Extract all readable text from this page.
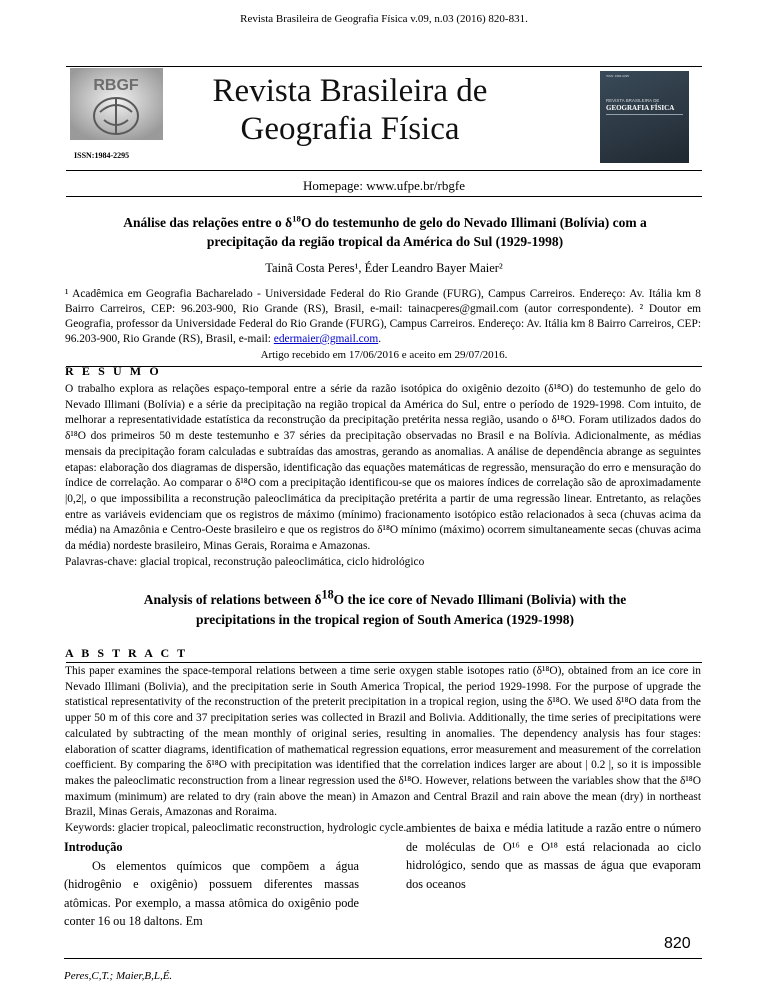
Revista Brasileira de Geografia Física v.09, n.03 (2016) 820-831.
RBGF
ISSN:1984-2295
Revista Brasileira de
Geografia Física
ISSN: 1984-2295
REVISTA BRASILEIRA DE
GEOGRAFIA FÍSICA
Homepage: www.ufpe.br/rbgfe
Análise das relações entre o $\delta^{18}O$ do testemunho de gelo do Nevado Illimani (Bolívia) com a
precipitação da região tropical da América do Sul (1929-1998)
Tainã Costa Peres¹, Éder Leandro Bayer Maier²
¹ Acadêmica em Geografia Bacharelado - Universidade Federal do Rio Grande (FURG), Campus Carreiros. Endereço: Av. Itália km 8 Bairro Carreiros, CEP: 96.203-900, Rio Grande (RS), Brasil, e-mail: tainacperes@gmail.com (autor correspondente). ² Doutor em Geografia, professor da Universidade Federal do Rio Grande (FURG), Campus Carreiros. Endereço: Av. Itália km 8 Bairro Carreiros, CEP: 96.203-900, Rio Grande (RS), Brasil, e-mail: edermaier@gmail.com.
Artigo recebido em 17/06/2016 e aceito em 29/07/2016.
R E S U M O

O trabalho explora as relações espaço-temporal entre a série da razão isotópica do oxigênio dezoito (δ¹⁸O) do testemunho de gelo do Nevado Illimani (Bolívia) e a série da precipitação na região tropical da América do Sul, entre o período de 1929-1998. Com intuito, de melhorar a representatividade estatística da reconstrução da precipitação pretérita nessa região, usando o δ¹⁸O. Foram utilizados dados do δ¹⁸O dos primeiros 50 m deste testemunho e 37 séries da precipitação observadas no Brasil e na Bolívia. Adicionalmente, as médias mensais da precipitação foram calculadas e subtraídas das amostras, gerando as anomalias. A análise de dependência abrange as seguintes etapas: elaboração dos diagramas de dispersão, identificação das equações matemáticas de regressão, mensuração do erro e mensuração do índice de correlação. Ao comparar o δ¹⁸O com a precipitação identificou-se que os maiores índices de correlação são de aproximadamente |0,2|, o que impossibilita a reconstrução paleoclimática da precipitação pretérita a partir de uma regressão linear. Entretanto, as relações entre as variáveis evidenciam que os registros de máximo (mínimo) fracionamento isotópico estão relacionados à seca (chuvas acima da média) na Amazônia e Centro-Oeste brasileiro e que os registros do δ¹⁸O mínimo (máximo) ocorrem simultaneamente secas (chuvas acima da média) nordeste brasileiro, Minas Gerais, Roraima e Amazonas.

Palavras-chave: glacial tropical, reconstrução paleoclimática, ciclo hidrológico

Analysis of relations between $\delta^{18}O$ the ice core of Nevado Illimani (Bolivia) with the
precipitations in the tropical region of South America (1929-1998)
A B S T R A C T

This paper examines the space-temporal relations between a time serie oxygen stable isotopes ratio (δ¹⁸O), obtained from an ice core in Nevado Illimani (Bolivia), and the precipitation serie in South America Tropical, the period 1929-1998. For the purpose of upgrade the statistical representativity of the reconstruction of the preterit precipitation in a tropical region, using the δ¹⁸O. We used δ¹⁸O data from the upper 50 m of this core and 37 precipitation series was collected in Brazil and Bolivia. Additionally, the time series of precipitations were calculated by subtracting of the mean monthly of original series, resulting in anomalies. The dependency analysis has four stages: elaboration of scatter diagrams, identification of mathematical regression equations, error measurement and measurement of the correlation coefficient. By comparing the δ¹⁸O with precipitation was identified that the correlation indices larger are about | 0.2 |, so it is impossible makes the paleoclimatic reconstruction from a linear regression used the δ¹⁸O. However, relations between the variables show that the δ¹⁸O maximum (minimum) are related to dry (rain above the mean) in Amazon and Central Brazil and rain above the mean (dry) in northeast Brazil, Minas Gerais, Amazonas and Roraima.

Keywords: glacier tropical, paleoclimatic reconstruction, hydrologic cycle.

Introdução

Os elementos químicos que compõem a água (hidrogênio e oxigênio) possuem diferentes massas atômicas. Por exemplo, a massa atômica do oxigênio pode conter 16 ou 18 daltons. Em

ambientes de baixa e média latitude a razão entre o número de moléculas de O¹⁶ e O¹⁸ está relacionada ao ciclo hidrológico, sendo que as massas de água que evaporam dos oceanos

820
Peres,C,T.; Maier,B,L,É.
